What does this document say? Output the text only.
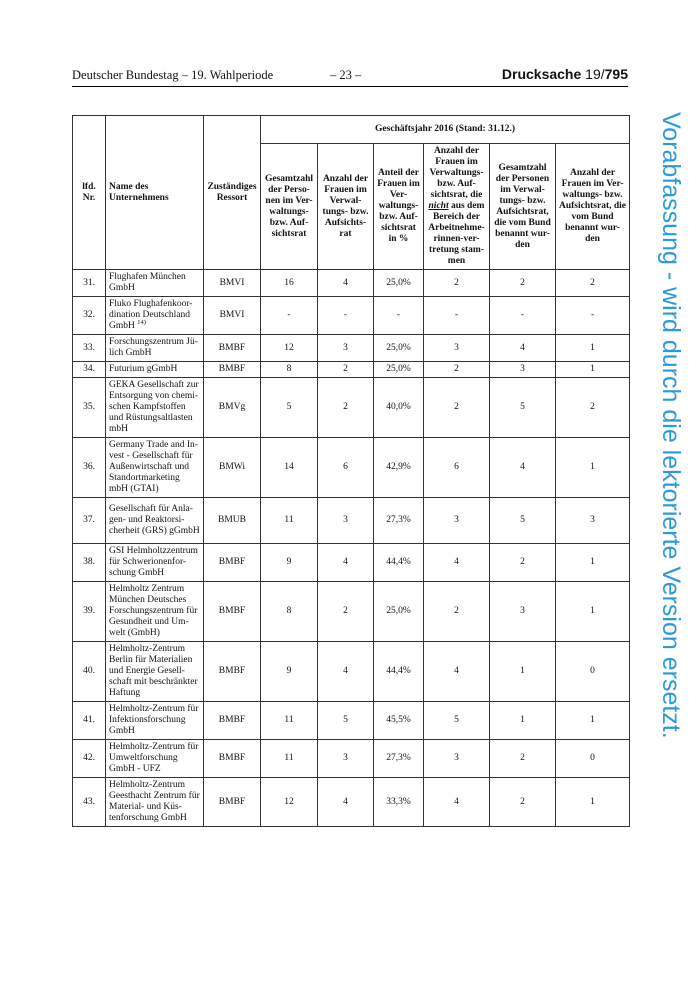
Deutscher Bundestag – 19. Wahlperiode	– 23 –	Drucksache 19/795
Vorabfassung - wird durch die lektorierte Version ersetzt.
lfd. Nr.	Name des Unternehmens	Zuständiges Ressort	Geschäftsjahr 2016 (Stand: 31.12.)					
			Gesamtzahl der Perso-nen im Ver-waltungs- bzw. Auf-sichtsrat	Anzahl der Frauen im Verwal-tungs- bzw. Aufsichts-rat	Anteil der Frauen im Ver-waltungs- bzw. Auf-sichtsrat in %	Anzahl der Frauen im Verwaltungs- bzw. Auf-sichtsrat, die nicht aus dem Bereich der Arbeitnehme-rinnen-ver-tretung stam-men	Gesamtzahl der Personen im Verwal-tungs- bzw. Aufsichtsrat, die vom Bund benannt wur-den	Anzahl der Frauen im Ver-waltungs- bzw. Aufsichtsrat, die vom Bund benannt wur-den
31.	Flughafen München GmbH	BMVI	16	4	25,0%	2	2	2
32.	Fluko Flughafenkoor-dination Deutschland GmbH $^{14)}$	BMVI	-	-	-	-	-	-
33.	Forschungszentrum Jü-lich GmbH	BMBF	12	3	25,0%	3	4	1
34.	Futurium gGmbH	BMBF	8	2	25,0%	2	3	1
35.	GEKA Gesellschaft zur Entsorgung von chemi-schen Kampfstoffen und Rüstungsaltlasten mbH	BMVg	5	2	40,0%	2	5	2
36.	Germany Trade and In-vest - Gesellschaft für Außenwirtschaft und Standortmarketing mbH (GTAI)	BMWi	14	6	42,9%	6	4	1
37.	Gesellschaft für Anla-gen- und Reaktorsi-cherheit (GRS) gGmbH	BMUB	11	3	27,3%	3	5	3
38.	GSI Helmholtzzentrum für Schwerionenfor-schung GmbH	BMBF	9	4	44,4%	4	2	1
39.	Helmholtz Zentrum München Deutsches Forschungszentrum für Gesundheit und Um-welt (GmbH)	BMBF	8	2	25,0%	2	3	1
40.	Helmholtz-Zentrum Berlin für Materialien und Energie Gesell-schaft mit beschränkter Haftung	BMBF	9	4	44,4%	4	1	0
41.	Helmholtz-Zentrum für Infektionsforschung GmbH	BMBF	11	5	45,5%	5	1	1
42.	Helmholtz-Zentrum für Umweltforschung GmbH - UFZ	BMBF	11	3	27,3%	3	2	0
43.	Helmholtz-Zentrum Geesthacht Zentrum für Material- und Küs-tenforschung GmbH	BMBF	12	4	33,3%	4	2	1
